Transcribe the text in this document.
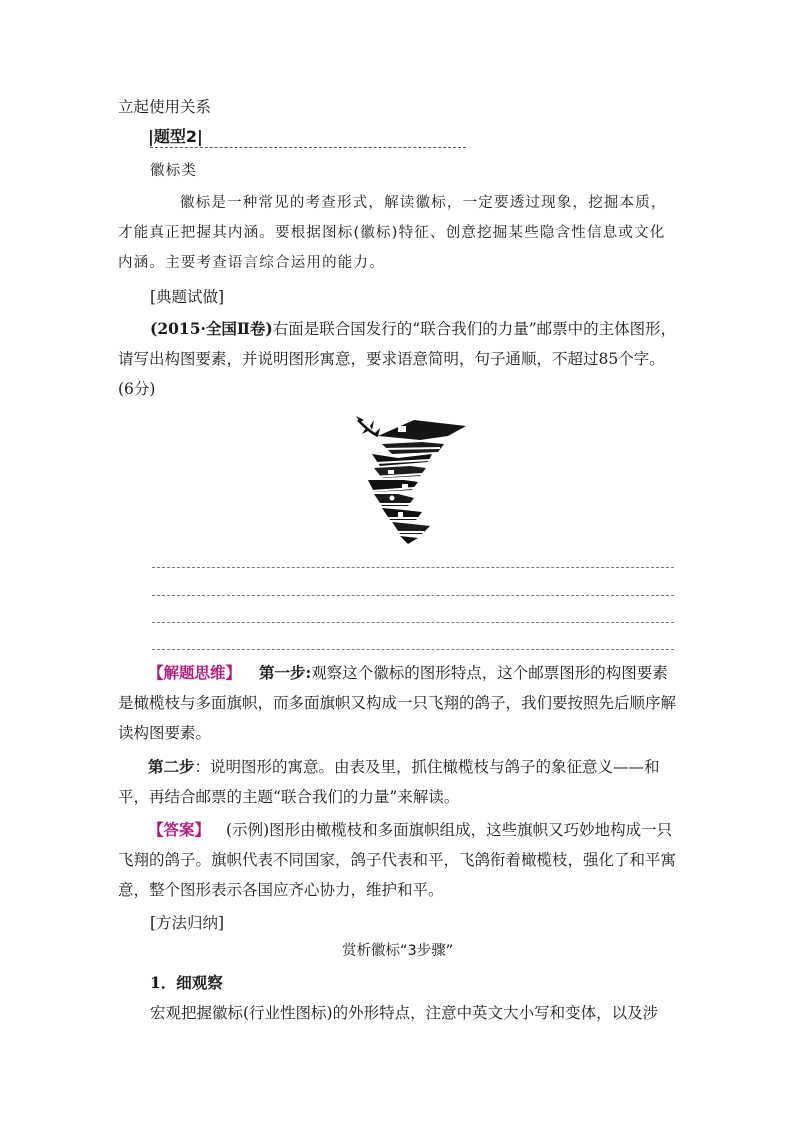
立起使用关系
|题型2|
徽标类
徽标是一种常见的考查形式，解读徽标，一定要透过现象，挖掘本质，才能真正把握其内涵。要根据图标(徽标)特征、创意挖掘某些隐含性信息或文化内涵。主要考查语言综合运用的能力。
[典题试做]
(2015·全国Ⅱ卷)右面是联合国发行的“联合我们的力量”邮票中的主体图形，请写出构图要素，并说明图形寓意，要求语意简明，句子通顺，不超过85个字。(6分)
【解题思维】 第一步:观察这个徽标的图形特点，这个邮票图形的构图要素是橄榄枝与多面旗帜，而多面旗帜又构成一只飞翔的鸽子，我们要按照先后顺序解读构图要素。
第二步：说明图形的寓意。由表及里，抓住橄榄枝与鸽子的象征意义——和平，再结合邮票的主题“联合我们的力量”来解读。
【答案】 (示例)图形由橄榄枝和多面旗帜组成，这些旗帜又巧妙地构成一只飞翔的鸽子。旗帜代表不同国家，鸽子代表和平，飞鸽衔着橄榄枝，强化了和平寓意，整个图形表示各国应齐心协力，维护和平。
[方法归纳]
赏析徽标“3步骤”
1．细观察
宏观把握徽标(行业性图标)的外形特点，注意中英文大小写和变体，以及涉
